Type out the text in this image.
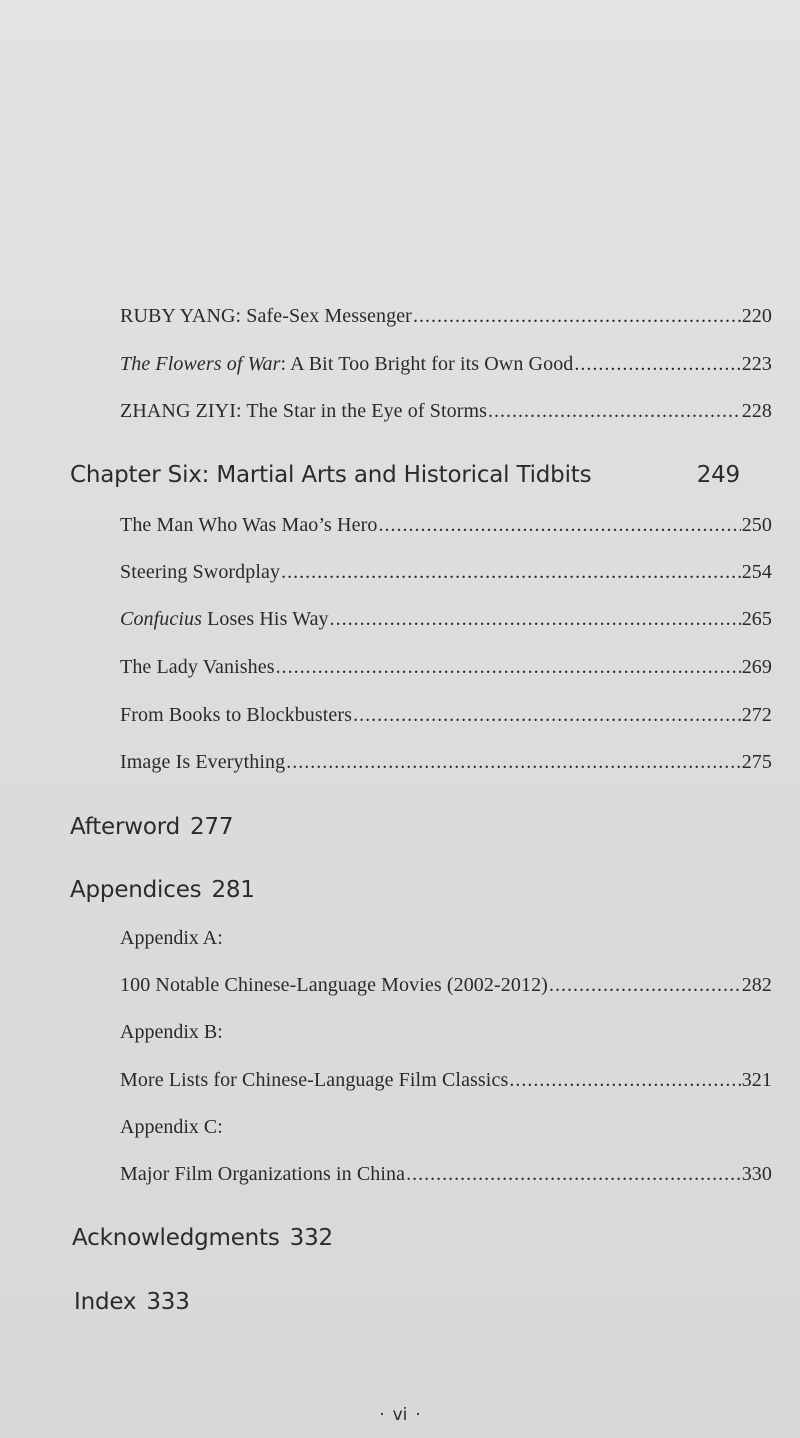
RUBY YANG: Safe-Sex Messenger .....	220
The Flowers of War: A Bit Too Bright for its Own Good .....	223
ZHANG ZIYI: The Star in the Eye of Storms .....	228
Chapter Six: Martial Arts and Historical Tidbits	249
The Man Who Was Mao’s Hero .....	250
Steering Swordplay .....	254
Confucius Loses His Way .....	265
The Lady Vanishes .....	269
From Books to Blockbusters .....	272
Image Is Everything .....	275
Afterword 277
Appendices 281
Appendix A:
100 Notable Chinese-Language Movies (2002-2012) .....	282
Appendix B:
More Lists for Chinese-Language Film Classics .....	321
Appendix C:
Major Film Organizations in China .....	330
Acknowledgments 332
Index 333
· vi ·
